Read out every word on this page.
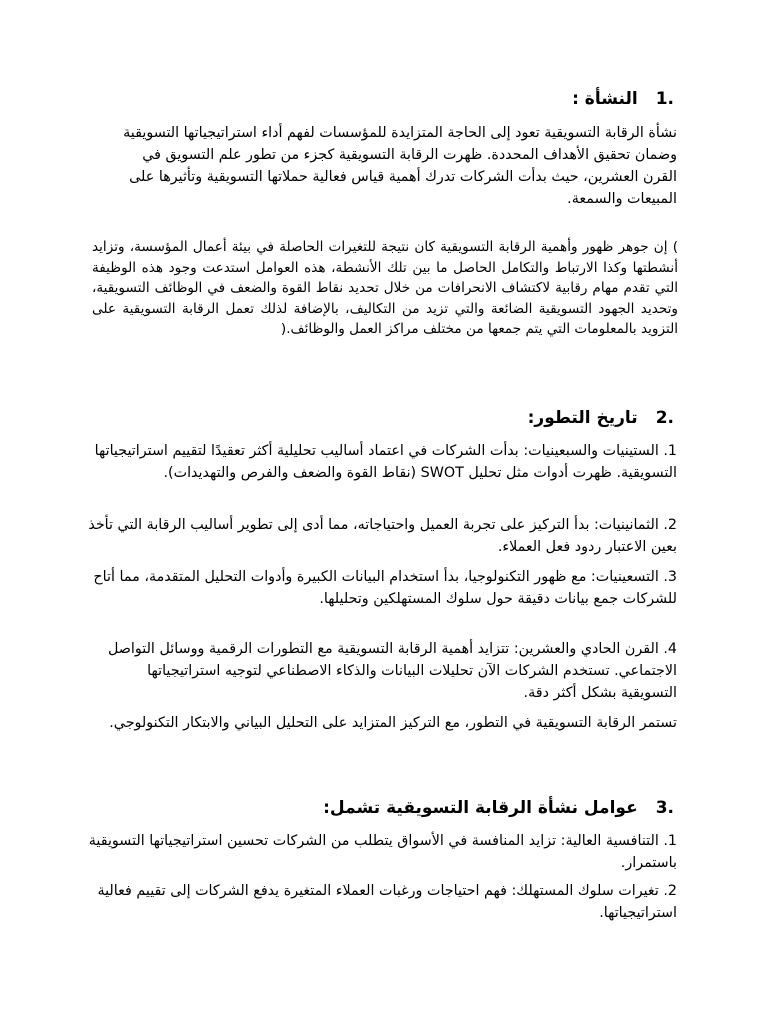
.1النشأة :

نشأة الرقابة التسويقية تعود إلى الحاجة المتزايدة للمؤسسات لفهم أداء استراتيجياتها التسويقية وضمان تحقيق الأهداف المحددة. ظهرت الرقابة التسويقية كجزء من تطور علم التسويق في القرن العشرين، حيث بدأت الشركات تدرك أهمية قياس فعالية حملاتها التسويقية وتأثيرها على المبيعات والسمعة.

) إن جوهر ظهور وأهمية الرقابة التسويقية كان نتيجة للتغيرات الحاصلة في بيئة أعمال المؤسسة، وتزايد أنشطتها وكذا الارتباط والتكامل الحاصل ما بين تلك الأنشطة، هذه العوامل استدعت وجود هذه الوظيفة التي تقدم مهام رقابية لاكتشاف الانحرافات من خلال تحديد نقاط القوة والضعف في الوظائف التسويقية، وتحديد الجهود التسويقية الضائعة والتي تزيد من التكاليف، بالإضافة لذلك تعمل الرقابة التسويقية على التزويد بالمعلومات التي يتم جمعها من مختلف مراكز العمل والوظائف.(

.2تاريخ التطور:

1. الستينيات والسبعينيات: بدأت الشركات في اعتماد أساليب تحليلية أكثر تعقيدًا لتقييم استراتيجياتها التسويقية. ظهرت أدوات مثل تحليل SWOT (نقاط القوة والضعف والفرص والتهديدات).

2. الثمانينيات: بدأ التركيز على تجربة العميل واحتياجاته، مما أدى إلى تطوير أساليب الرقابة التي تأخذ بعين الاعتبار ردود فعل العملاء.

3. التسعينيات: مع ظهور التكنولوجيا، بدأ استخدام البيانات الكبيرة وأدوات التحليل المتقدمة، مما أتاح للشركات جمع بيانات دقيقة حول سلوك المستهلكين وتحليلها.

4. القرن الحادي والعشرين: تتزايد أهمية الرقابة التسويقية مع التطورات الرقمية ووسائل التواصل الاجتماعي. تستخدم الشركات الآن تحليلات البيانات والذكاء الاصطناعي لتوجيه استراتيجياتها التسويقية بشكل أكثر دقة.

تستمر الرقابة التسويقية في التطور، مع التركيز المتزايد على التحليل البياني والابتكار التكنولوجي.

.3عوامل نشأة الرقابة التسويقية تشمل:

1. التنافسية العالية: تزايد المنافسة في الأسواق يتطلب من الشركات تحسين استراتيجياتها التسويقية باستمرار.

2. تغيرات سلوك المستهلك: فهم احتياجات ورغبات العملاء المتغيرة يدفع الشركات إلى تقييم فعالية استراتيجياتها.
